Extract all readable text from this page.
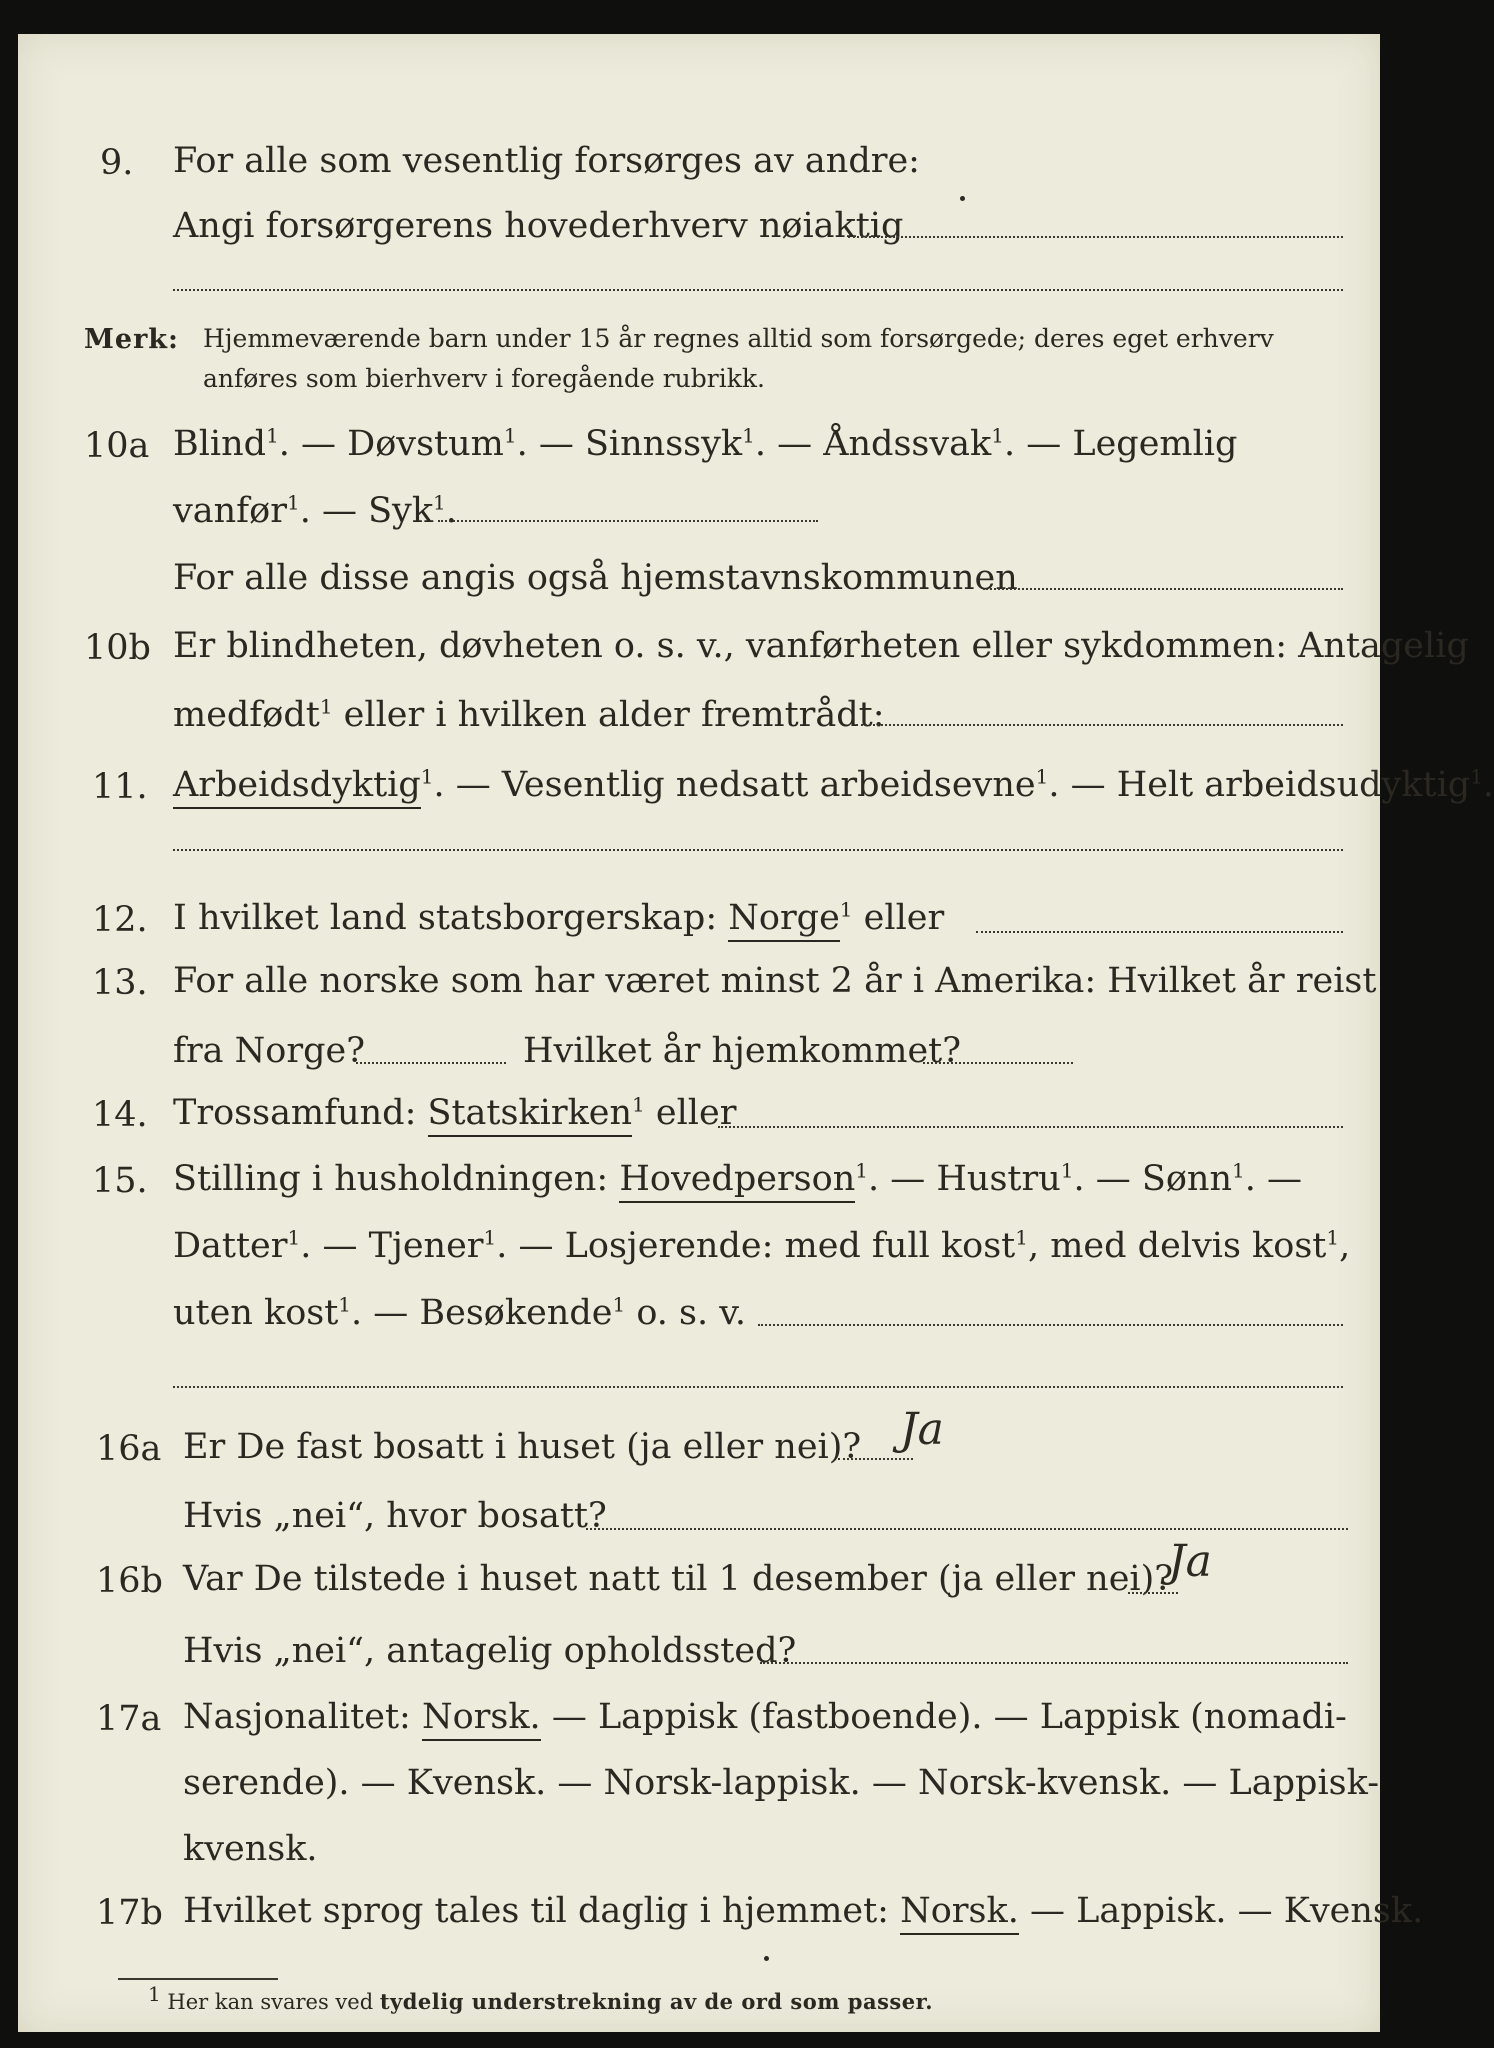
9. For alle som vesentlig forsørges av andre:
Angi forsørgerens hovederhverv nøiaktig
Merk: Hjemmeværende barn under 15 år regnes alltid som forsørgede; deres eget erhverv
anføres som bierhverv i foregående rubrikk.
10a Blind$^1$. — Døvstum$^1$. — Sinnssyk$^1$. — Åndssvak$^1$. — Legemlig
vanfør$^1$. — Syk$^1$.
For alle disse angis også hjemstavnskommunen
10b Er blindheten, døvheten o. s. v., vanførheten eller sykdommen: Antagelig
medfødt$^1$ eller i hvilken alder fremtrådt:
11. Arbeidsdyktig$^1$. — Vesentlig nedsatt arbeidsevne$^1$. — Helt arbeidsudyktig$^1$.
12. I hvilket land statsborgerskap: Norge$^1$ eller
13. For alle norske som har været minst 2 år i Amerika: Hvilket år reist
fra Norge?	Hvilket år hjemkommet?
14. Trossamfund: Statskirken$^1$ eller
15. Stilling i husholdningen: Hovedperson$^1$. — Hustru$^1$. — Sønn$^1$. —
Datter$^1$. — Tjener$^1$. — Losjerende: med full kost$^1$, med delvis kost$^1$,
uten kost$^1$. — Besøkende$^1$ o. s. v.
16a Er De fast bosatt i huset (ja eller nei)? Ja
Hvis „nei“, hvor bosatt?
16b Var De tilstede i huset natt til 1 desember (ja eller nei)?
Ja
Hvis „nei“, antagelig opholdssted?
17a Nasjonalitet: Norsk. — Lappisk (fastboende). — Lappisk (nomadi-
serende). — Kvensk. — Norsk-lappisk. — Norsk-kvensk. — Lappisk-
kvensk.
17b Hvilket sprog tales til daglig i hjemmet: Norsk. — Lappisk. — Kvensk.
1 Her kan svares ved tydelig understrekning av de ord som passer.
